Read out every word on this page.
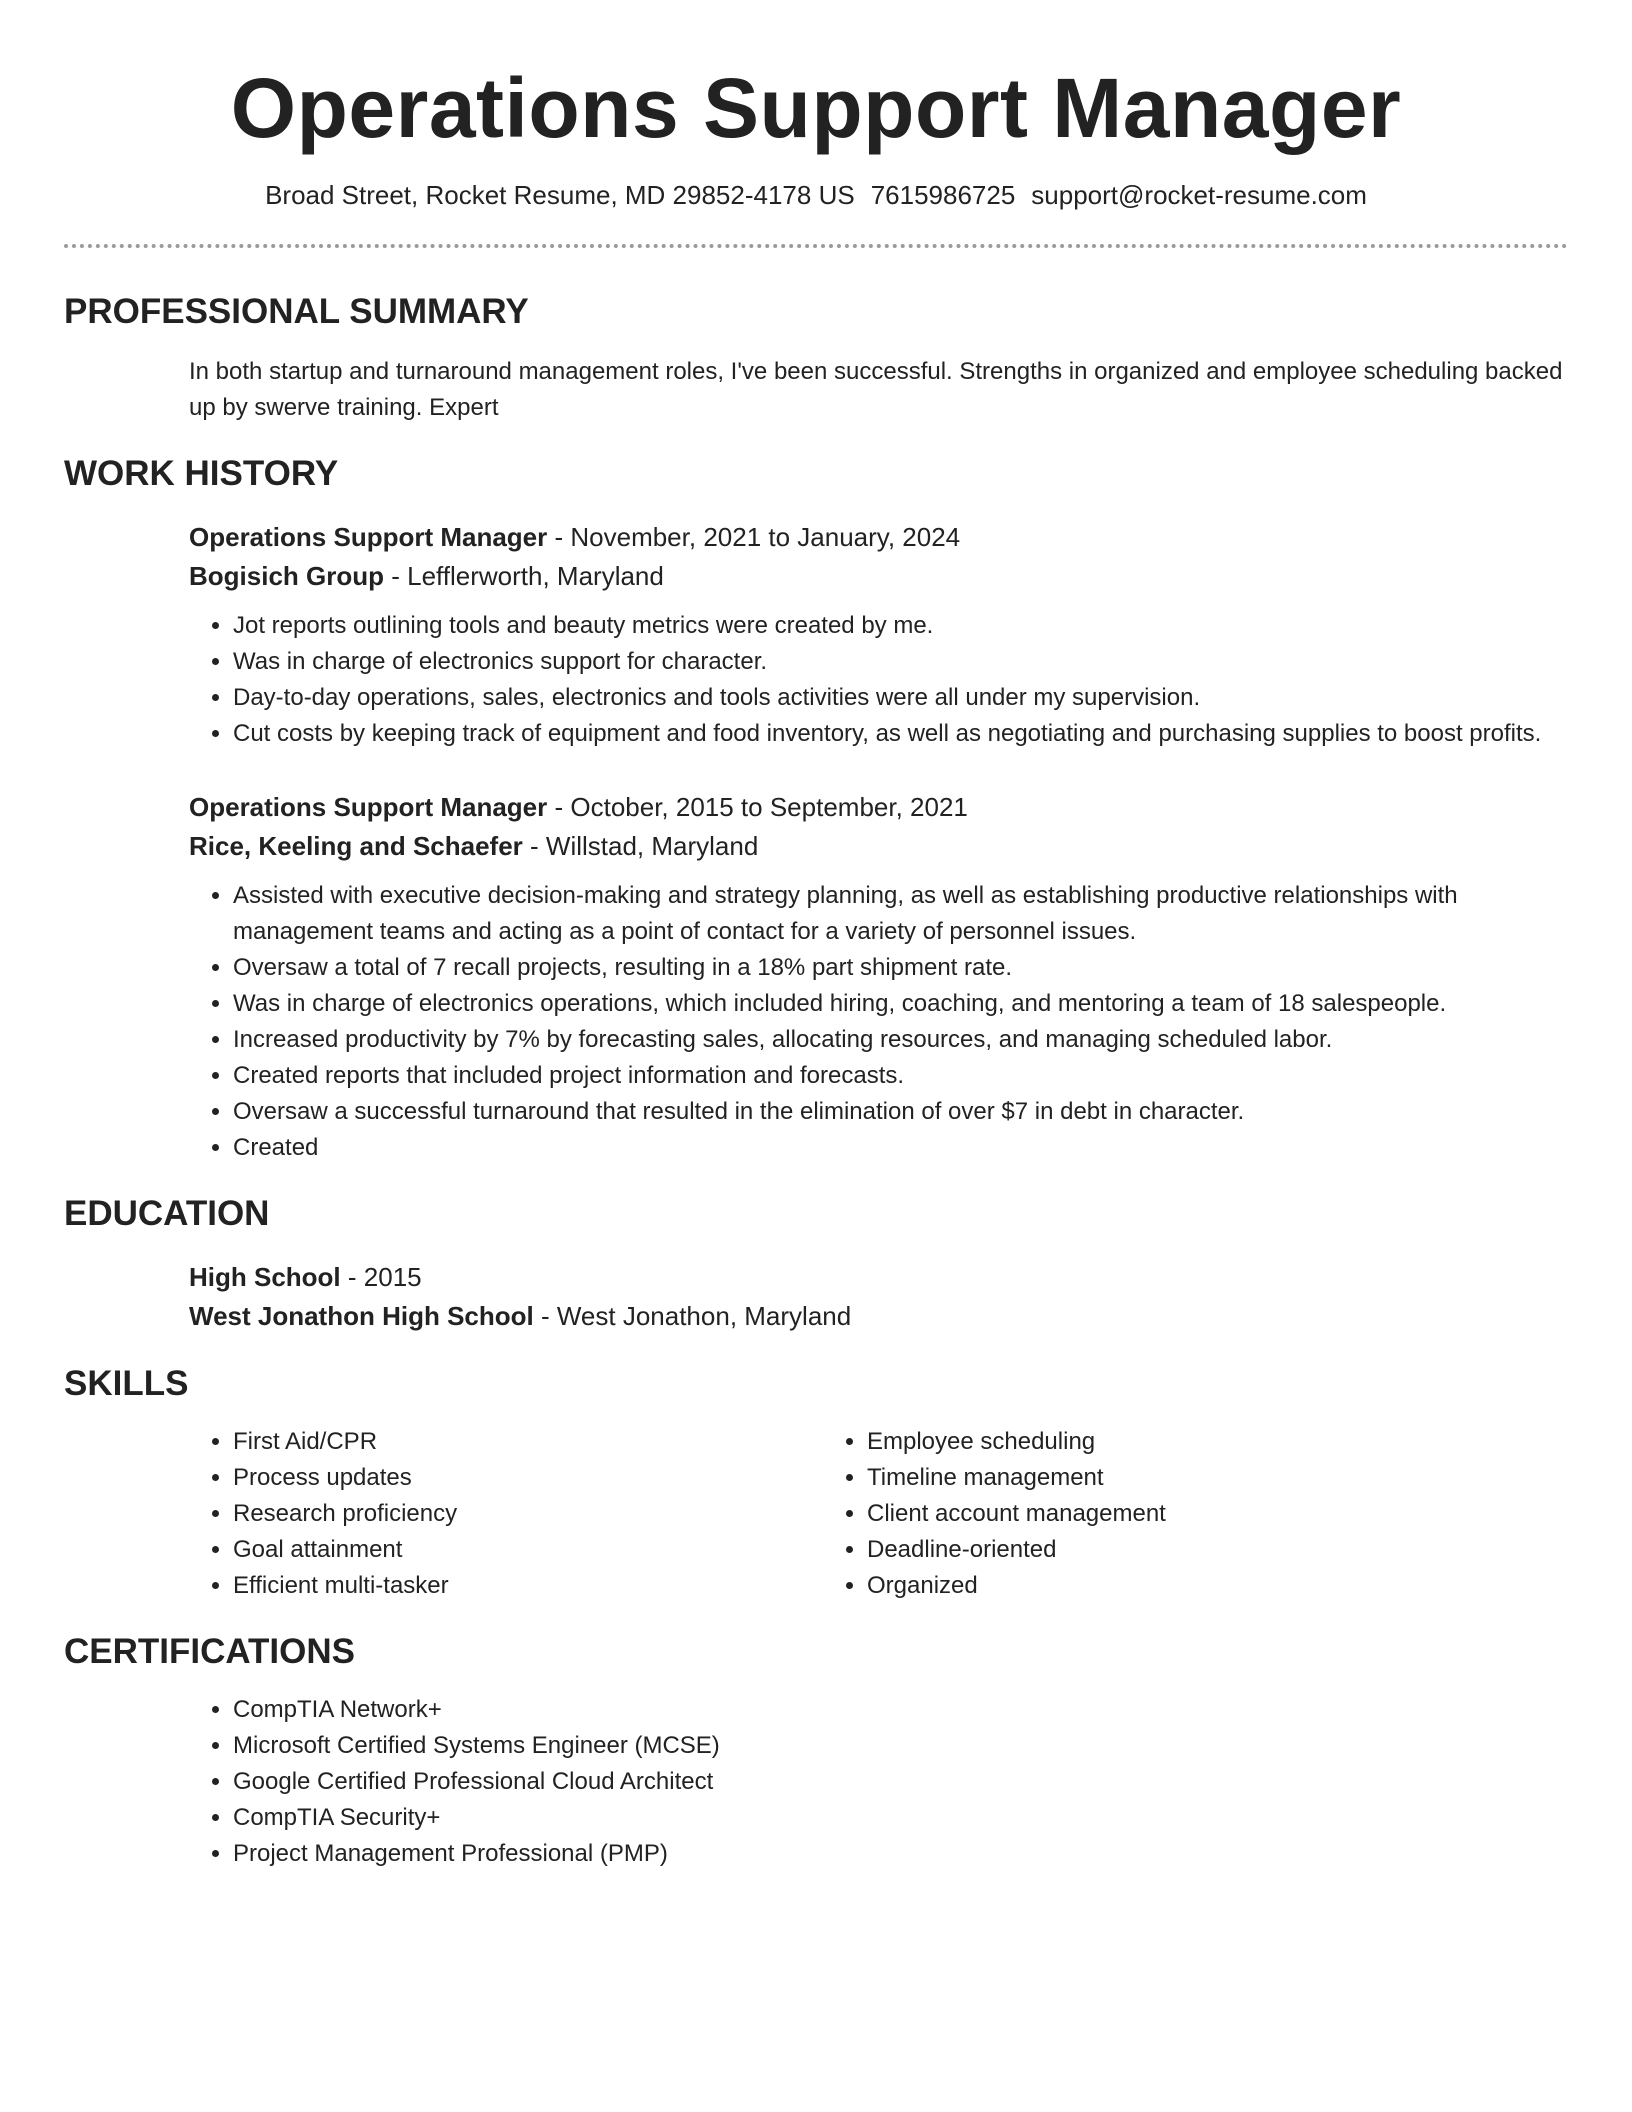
Operations Support Manager
Broad Street, Rocket Resume, MD 29852-4178 US 7615986725 support@rocket-resume.com
PROFESSIONAL SUMMARY
In both startup and turnaround management roles, I've been successful. Strengths in organized and employee scheduling backed up by swerve training. Expert
WORK HISTORY
Operations Support Manager - November, 2021 to January, 2024
Bogisich Group - Lefflerworth, Maryland
• Jot reports outlining tools and beauty metrics were created by me.
• Was in charge of electronics support for character.
• Day-to-day operations, sales, electronics and tools activities were all under my supervision.
• Cut costs by keeping track of equipment and food inventory, as well as negotiating and purchasing supplies to boost profits.
Operations Support Manager - October, 2015 to September, 2021
Rice, Keeling and Schaefer - Willstad, Maryland
• Assisted with executive decision-making and strategy planning, as well as establishing productive relationships with management teams and acting as a point of contact for a variety of personnel issues.
• Oversaw a total of 7 recall projects, resulting in a 18% part shipment rate.
• Was in charge of electronics operations, which included hiring, coaching, and mentoring a team of 18 salespeople.
• Increased productivity by 7% by forecasting sales, allocating resources, and managing scheduled labor.
• Created reports that included project information and forecasts.
• Oversaw a successful turnaround that resulted in the elimination of over $7 in debt in character.
• Created
EDUCATION
High School - 2015
West Jonathon High School - West Jonathon, Maryland
SKILLS
• First Aid/CPR
• Process updates
• Research proficiency
• Goal attainment
• Efficient multi-tasker
• Employee scheduling
• Timeline management
• Client account management
• Deadline-oriented
• Organized
CERTIFICATIONS
• CompTIA Network+
• Microsoft Certified Systems Engineer (MCSE)
• Google Certified Professional Cloud Architect
• CompTIA Security+
• Project Management Professional (PMP)
